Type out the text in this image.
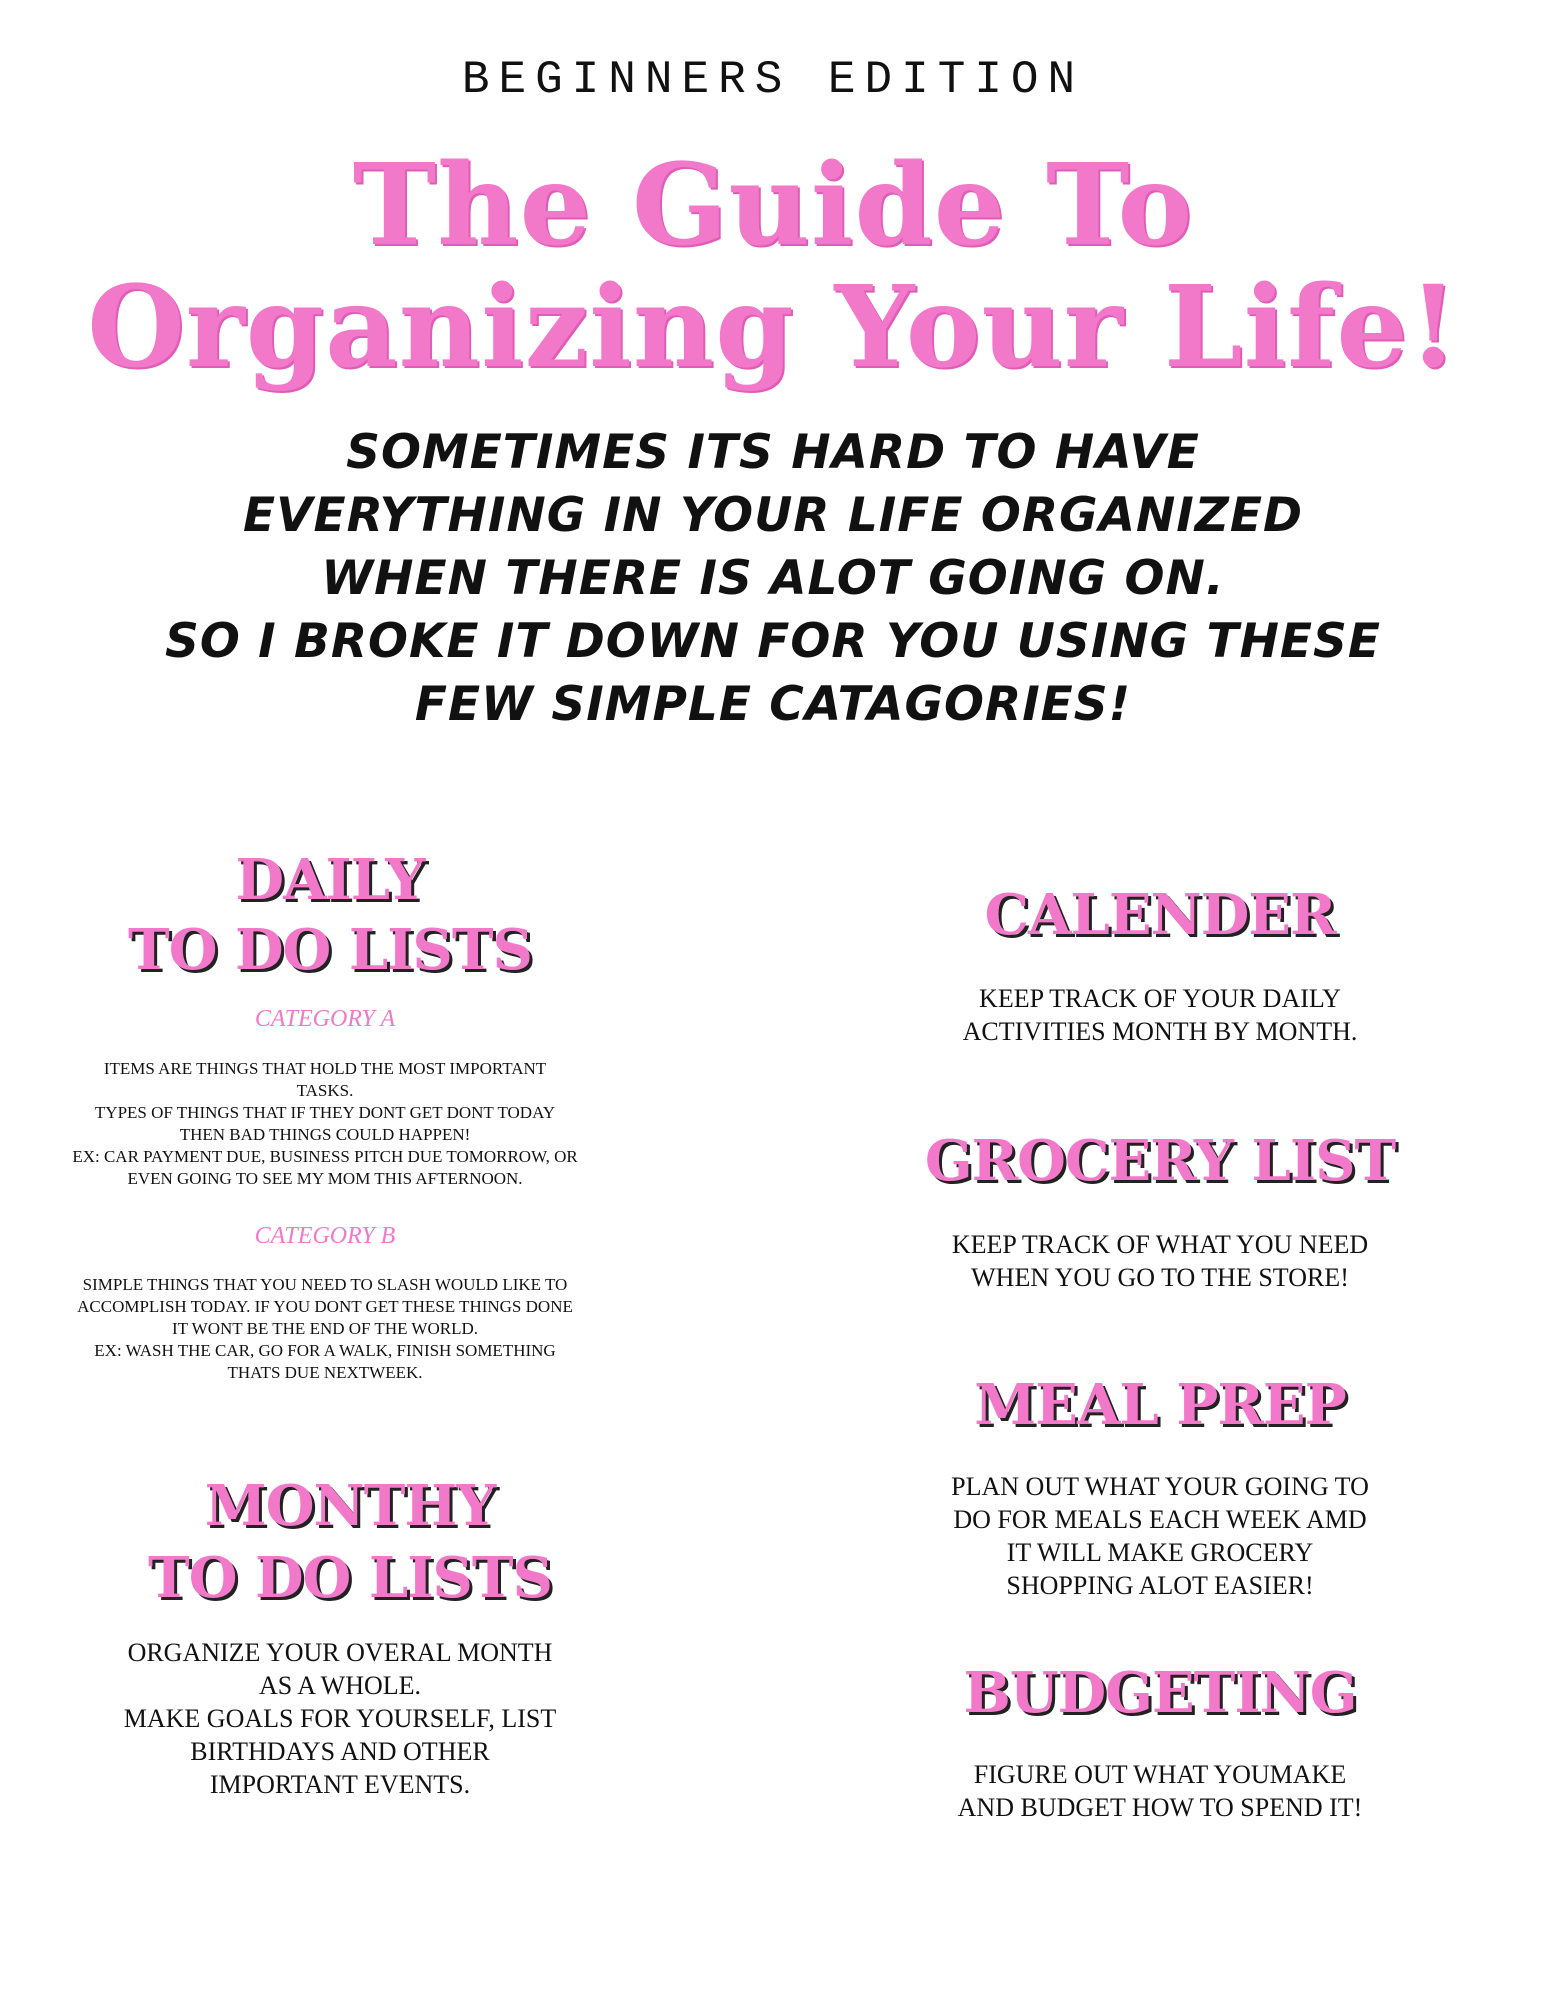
BEGINNERS EDITION
The Guide To
Organizing Your Life!
SOMETIMES ITS HARD TO HAVE
EVERYTHING IN YOUR LIFE ORGANIZED
WHEN THERE IS ALOT GOING ON.
SO I BROKE IT DOWN FOR YOU USING THESE
FEW SIMPLE CATAGORIES!
DAILY
TO DO LISTS
CATEGORY A
ITEMS ARE THINGS THAT HOLD THE MOST IMPORTANT
TASKS.
TYPES OF THINGS THAT IF THEY DONT GET DONT TODAY
THEN BAD THINGS COULD HAPPEN!
EX: CAR PAYMENT DUE, BUSINESS PITCH DUE TOMORROW, OR
EVEN GOING TO SEE MY MOM THIS AFTERNOON.
CATEGORY B
SIMPLE THINGS THAT YOU NEED TO SLASH WOULD LIKE TO
ACCOMPLISH TODAY. IF YOU DONT GET THESE THINGS DONE
IT WONT BE THE END OF THE WORLD.
EX: WASH THE CAR, GO FOR A WALK, FINISH SOMETHING
THATS DUE NEXTWEEK.
MONTHY
TO DO LISTS
ORGANIZE YOUR OVERAL MONTH
AS A WHOLE.
MAKE GOALS FOR YOURSELF, LIST
BIRTHDAYS AND OTHER
IMPORTANT EVENTS.
CALENDER
KEEP TRACK OF YOUR DAILY
ACTIVITIES MONTH BY MONTH.
GROCERY LIST
KEEP TRACK OF WHAT YOU NEED
WHEN YOU GO TO THE STORE!
MEAL PREP
PLAN OUT WHAT YOUR GOING TO
DO FOR MEALS EACH WEEK AMD
IT WILL MAKE GROCERY
SHOPPING ALOT EASIER!
BUDGETING
FIGURE OUT WHAT YOUMAKE
AND BUDGET HOW TO SPEND IT!
